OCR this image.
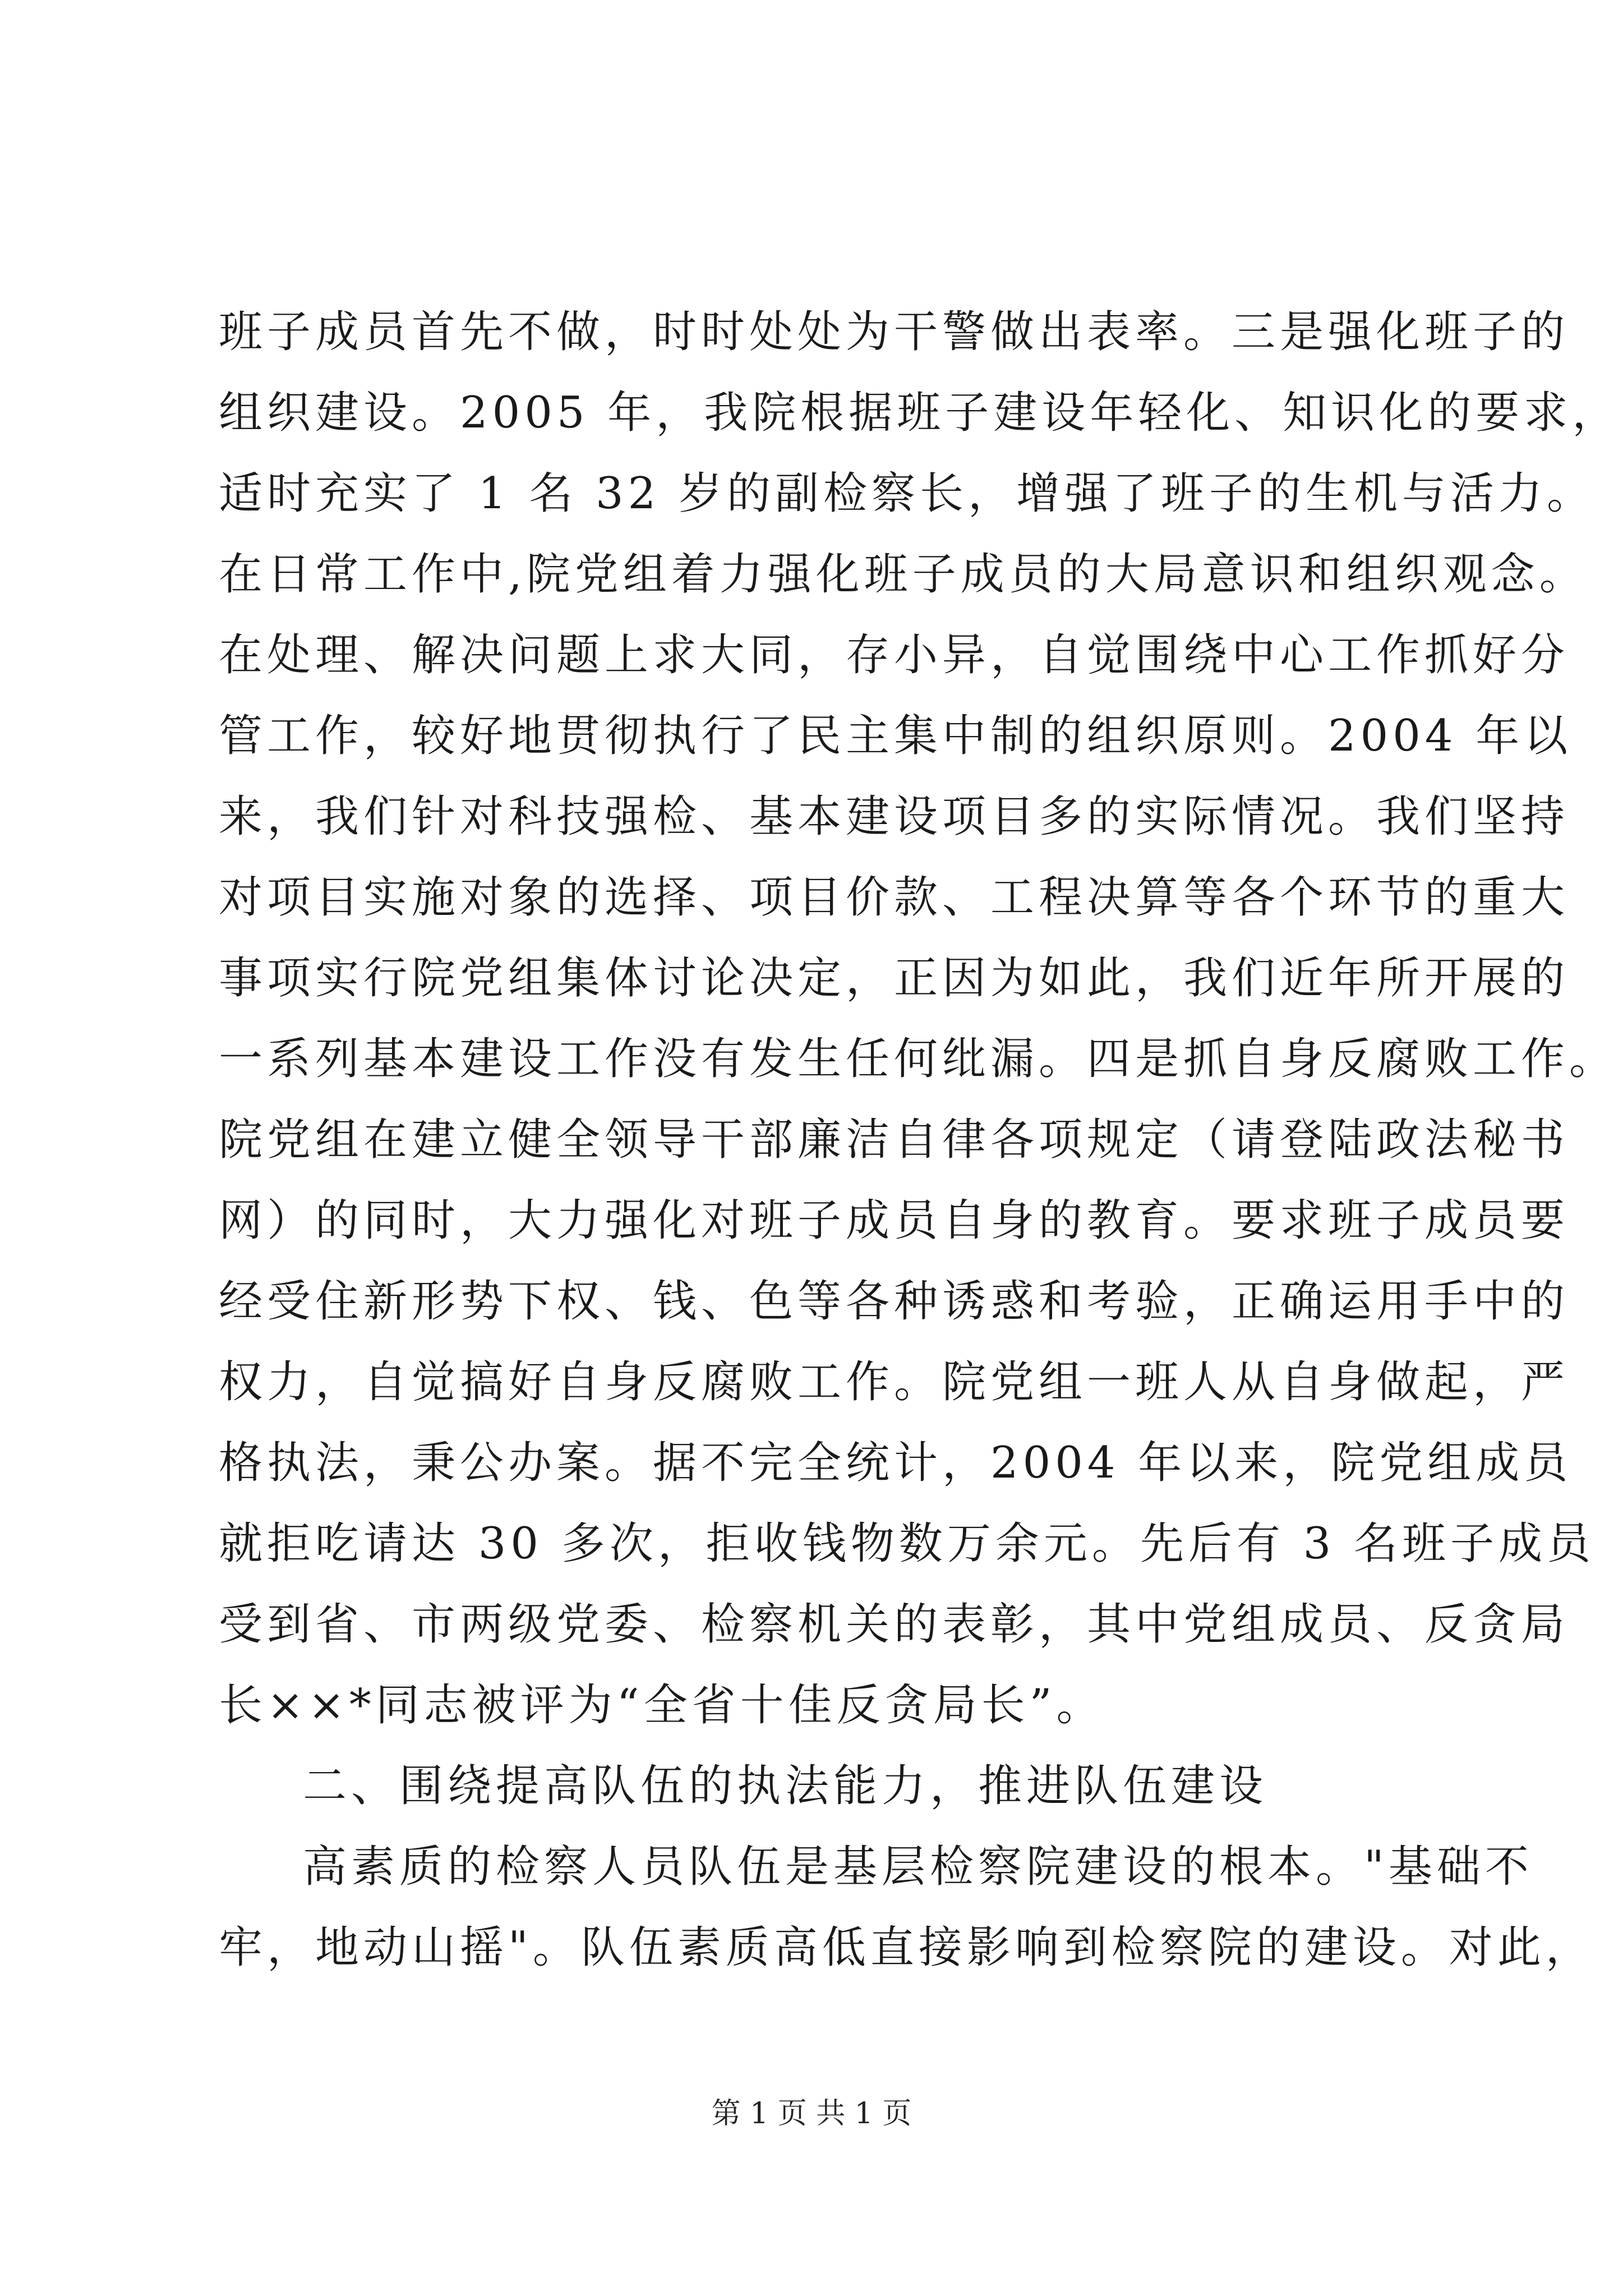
班子成员首先不做，时时处处为干警做出表率。三是强化班子的
组织建设。2005 年，我院根据班子建设年轻化、知识化的要求，
适时充实了 1 名 32 岁的副检察长，增强了班子的生机与活力。
在日常工作中,院党组着力强化班子成员的大局意识和组织观念。
在处理、解决问题上求大同，存小异，自觉围绕中心工作抓好分
管工作，较好地贯彻执行了民主集中制的组织原则。2004 年以
来，我们针对科技强检、基本建设项目多的实际情况。我们坚持
对项目实施对象的选择、项目价款、工程决算等各个环节的重大
事项实行院党组集体讨论决定，正因为如此，我们近年所开展的
一系列基本建设工作没有发生任何纰漏。四是抓自身反腐败工作。
院党组在建立健全领导干部廉洁自律各项规定（请登陆政法秘书
网）的同时，大力强化对班子成员自身的教育。要求班子成员要
经受住新形势下权、钱、色等各种诱惑和考验，正确运用手中的
权力，自觉搞好自身反腐败工作。院党组一班人从自身做起，严
格执法，秉公办案。据不完全统计，2004 年以来，院党组成员
就拒吃请达 30 多次，拒收钱物数万余元。先后有 3 名班子成员
受到省、市两级党委、检察机关的表彰，其中党组成员、反贪局
长××*同志被评为“全省十佳反贪局长”。
二、围绕提高队伍的执法能力，推进队伍建设
高素质的检察人员队伍是基层检察院建设的根本。"基础不
牢，地动山摇"。队伍素质高低直接影响到检察院的建设。对此，
第 1 页 共 1 页
